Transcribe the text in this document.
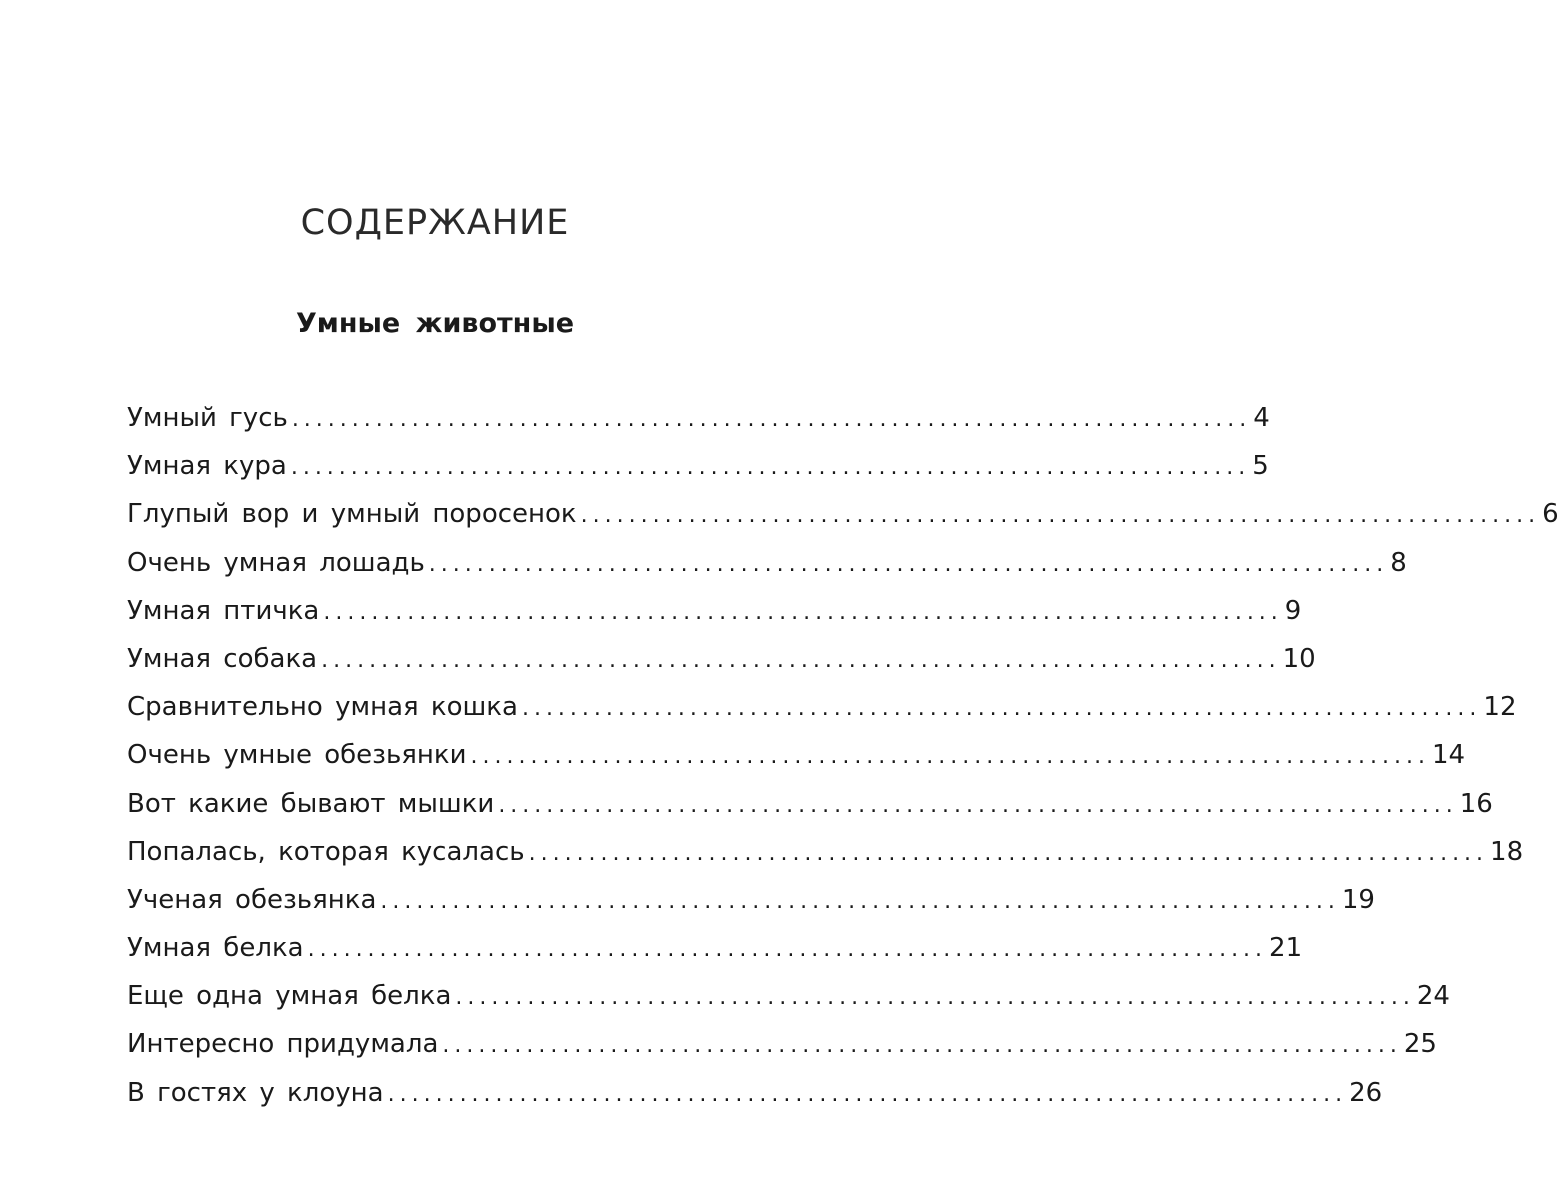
СОДЕРЖАНИЕ
Умные животные
Умный гусь ................................................................................ 4
Умная кура ................................................................................ 5
Глупый вор и умный поросенок ................................................................................ 6
Очень умная лошадь ................................................................................ 8
Умная птичка ................................................................................ 9
Умная собака ................................................................................ 10
Сравнительно умная кошка ................................................................................ 12
Очень умные обезьянки ................................................................................ 14
Вот какие бывают мышки ................................................................................ 16
Попалась, которая кусалась ................................................................................ 18
Ученая обезьянка ................................................................................ 19
Умная белка ................................................................................ 21
Еще одна умная белка ................................................................................ 24
Интересно придумала ................................................................................ 25
В гостях у клоуна ................................................................................ 26
